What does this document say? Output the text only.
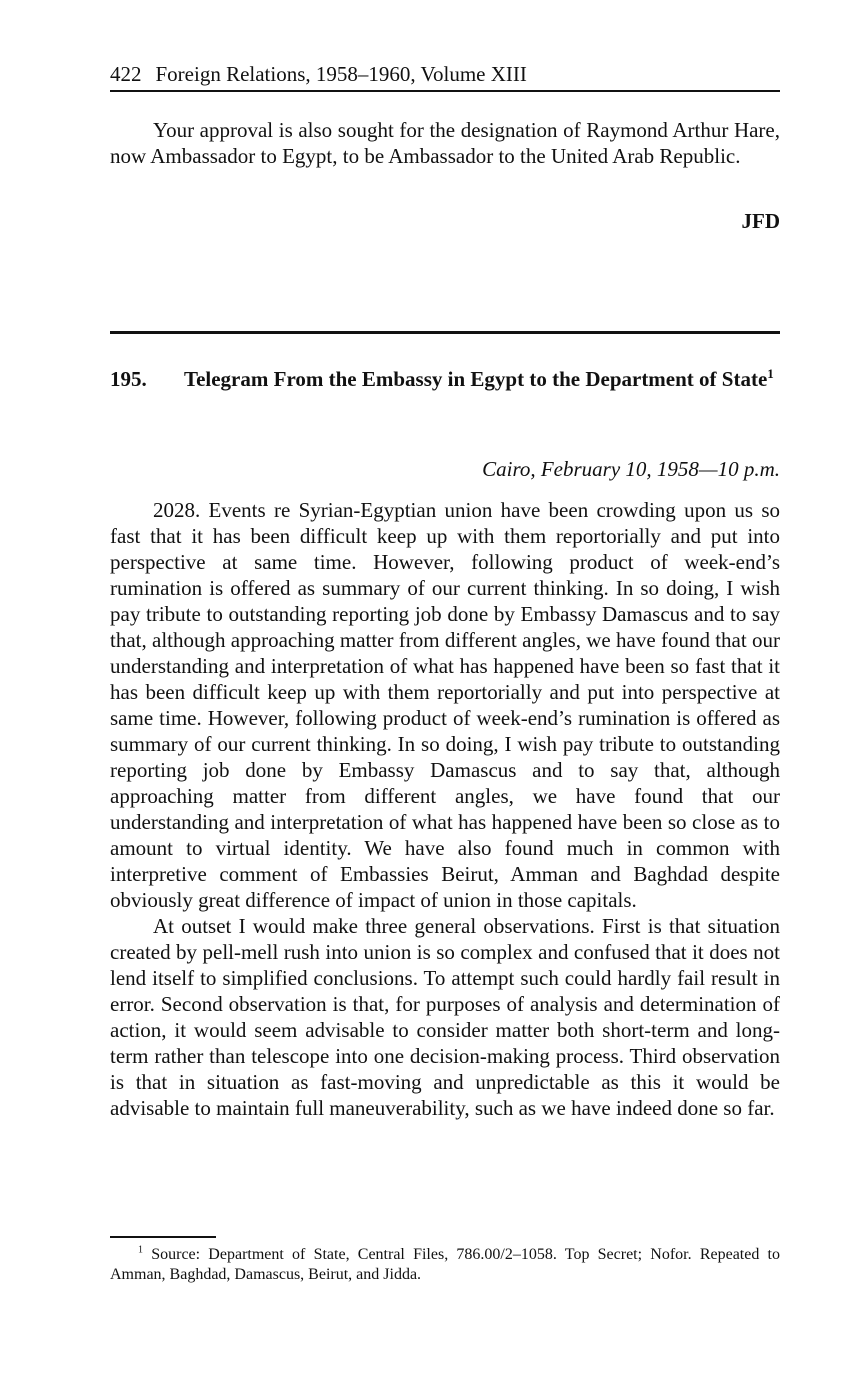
422 Foreign Relations, 1958–1960, Volume XIII

Your approval is also sought for the designation of Raymond Arthur Hare, now Ambassador to Egypt, to be Ambassador to the United Arab Republic.

JFD
195. Telegram From the Embassy in Egypt to the Department of State$^1$
Cairo, February 10, 1958—10 p.m.

2028. Events re Syrian-Egyptian union have been crowding upon us so fast that it has been difficult keep up with them reportorially and put into perspective at same time. However, following product of week-end’s rumination is offered as summary of our current thinking. In so doing, I wish pay tribute to outstanding reporting job done by Embassy Damascus and to say that, although approaching matter from different angles, we have found that our understanding and interpretation of what has happened have been so fast that it has been difficult keep up with them reportorially and put into perspective at same time. However, following product of week-end’s rumination is offered as summary of our current thinking. In so doing, I wish pay tribute to outstanding reporting job done by Embassy Damascus and to say that, although approaching matter from different angles, we have found that our understanding and interpretation of what has happened have been so close as to amount to virtual identity. We have also found much in common with interpretive comment of Embassies Beirut, Amman and Baghdad despite obviously great difference of impact of union in those capitals.

At outset I would make three general observations. First is that situation created by pell-mell rush into union is so complex and confused that it does not lend itself to simplified conclusions. To attempt such could hardly fail result in error. Second observation is that, for purposes of analysis and determination of action, it would seem advisable to consider matter both short-term and long-term rather than telescope into one decision-making process. Third observation is that in situation as fast-moving and unpredictable as this it would be advisable to maintain full maneuverability, such as we have indeed done so far.

$^1$ Source: Department of State, Central Files, 786.00/2–1058. Top Secret; Nofor. Repeated to Amman, Baghdad, Damascus, Beirut, and Jidda.
